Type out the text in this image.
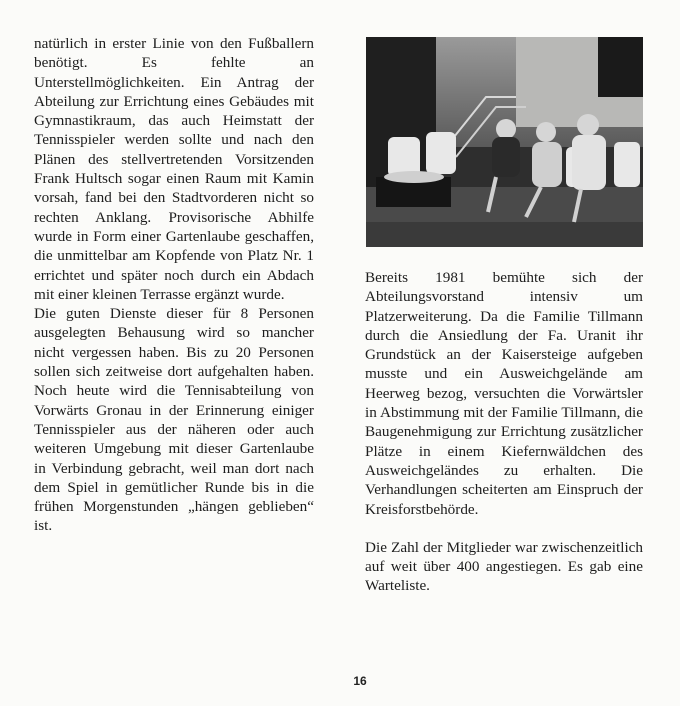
natürlich in erster Linie von den Fußballern benötigt. Es fehlte an Unterstellmöglichkeiten. Ein Antrag der Abteilung zur Errichtung eines Gebäudes mit Gymnastikraum, das auch Heimstatt der Tennisspieler werden sollte und nach den Plänen des stellvertretenden Vorsitzenden Frank Hultsch sogar einen Raum mit Kamin vorsah, fand bei den Stadtvorderen nicht so rechten Anklang. Provisorische Abhilfe wurde in Form einer Gartenlaube geschaffen, die unmittelbar am Kopfende von Platz Nr. 1 errichtet und später noch durch ein Abdach mit einer kleinen Terrasse ergänzt wurde.

Die guten Dienste dieser für 8 Personen ausgelegten Behausung wird so mancher nicht vergessen haben. Bis zu 20 Personen sollen sich zeitweise dort aufgehalten haben. Noch heute wird die Tennisabteilung von Vorwärts Gronau in der Erinnerung einiger Tennisspieler aus der näheren oder auch weiteren Umgebung mit dieser Gartenlaube in Verbindung gebracht, weil man dort nach dem Spiel in gemütlicher Runde bis in die frühen Morgenstunden „hängen geblieben“ ist.

Bereits 1981 bemühte sich der Abteilungsvorstand intensiv um Platzerweiterung. Da die Familie Tillmann durch die Ansiedlung der Fa. Uranit ihr Grundstück an der Kaisersteige aufgeben musste und ein Ausweichgelände am Heerweg bezog, versuchten die Vorwärtsler in Abstimmung mit der Familie Tillmann, die Baugenehmigung zur Errichtung zusätzlicher Plätze in einem Kiefernwäldchen des Ausweichgeländes zu erhalten. Die Verhandlungen scheiterten am Einspruch der Kreisforstbehörde.

Die Zahl der Mitglieder war zwischenzeitlich auf weit über 400 angestiegen. Es gab eine Warteliste.

16
